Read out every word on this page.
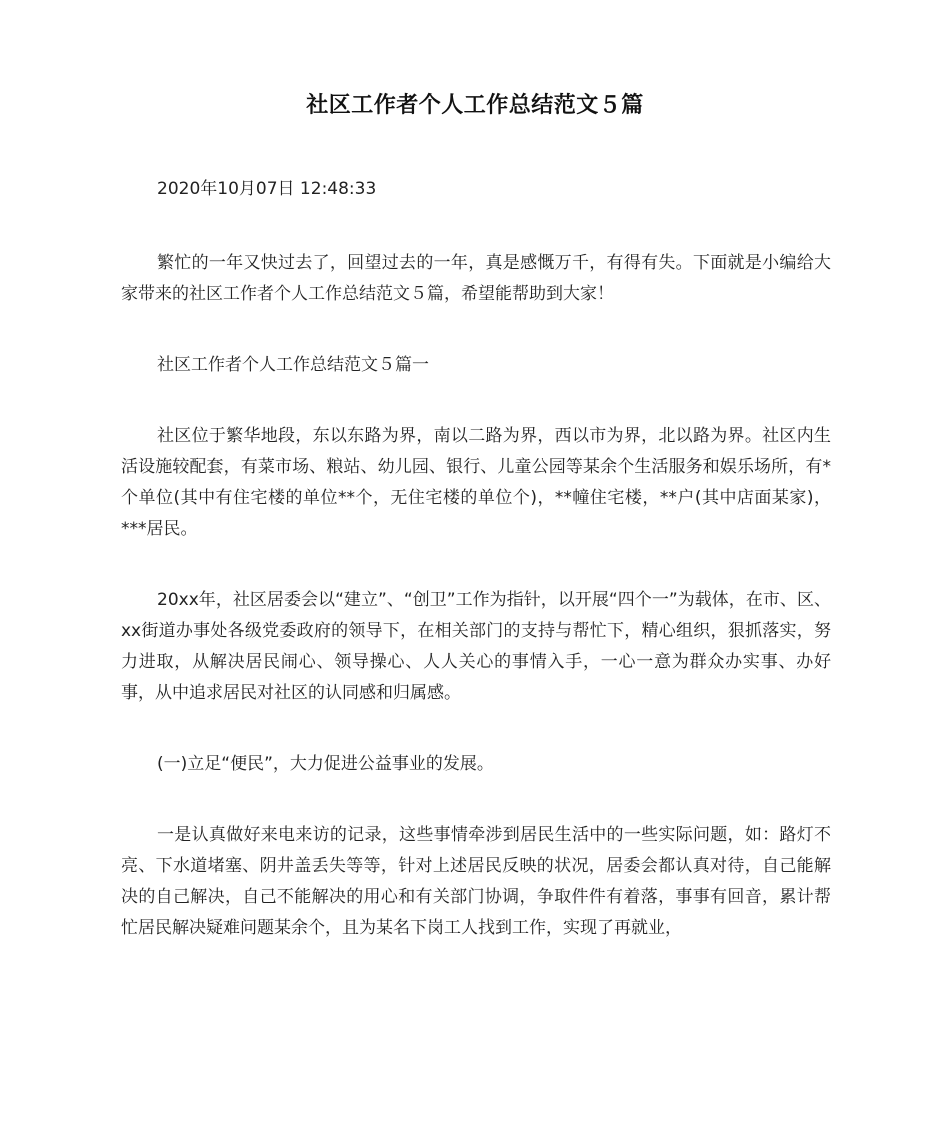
社区工作者个人工作总结范文５篇

2020年10月07日 12:48:33

繁忙的一年又快过去了，回望过去的一年，真是感慨万千，有得有失。下面就是小编给大家带来的社区工作者个人工作总结范文５篇，希望能帮助到大家！

社区工作者个人工作总结范文５篇一

社区位于繁华地段，东以东路为界，南以二路为界，西以市为界，北以路为界。社区内生活设施较配套，有菜市场、粮站、幼儿园、银行、儿童公园等某余个生活服务和娱乐场所，有*个单位(其中有住宅楼的单位**个，无住宅楼的单位个)，**幢住宅楼，**户(其中店面某家)，***居民。

20xx年，社区居委会以“建立”、“创卫”工作为指针，以开展“四个一”为载体，在市、区、xx街道办事处各级党委政府的领导下，在相关部门的支持与帮忙下，精心组织，狠抓落实，努力进取，从解决居民闹心、领导操心、人人关心的事情入手，一心一意为群众办实事、办好事，从中追求居民对社区的认同感和归属感。

(一)立足“便民”，大力促进公益事业的发展。

一是认真做好来电来访的记录，这些事情牵涉到居民生活中的一些实际问题，如：路灯不亮、下水道堵塞、阴井盖丢失等等，针对上述居民反映的状况，居委会都认真对待，自己能解决的自己解决，自己不能解决的用心和有关部门协调，争取件件有着落，事事有回音，累计帮忙居民解决疑难问题某余个，且为某名下岗工人找到工作，实现了再就业，
